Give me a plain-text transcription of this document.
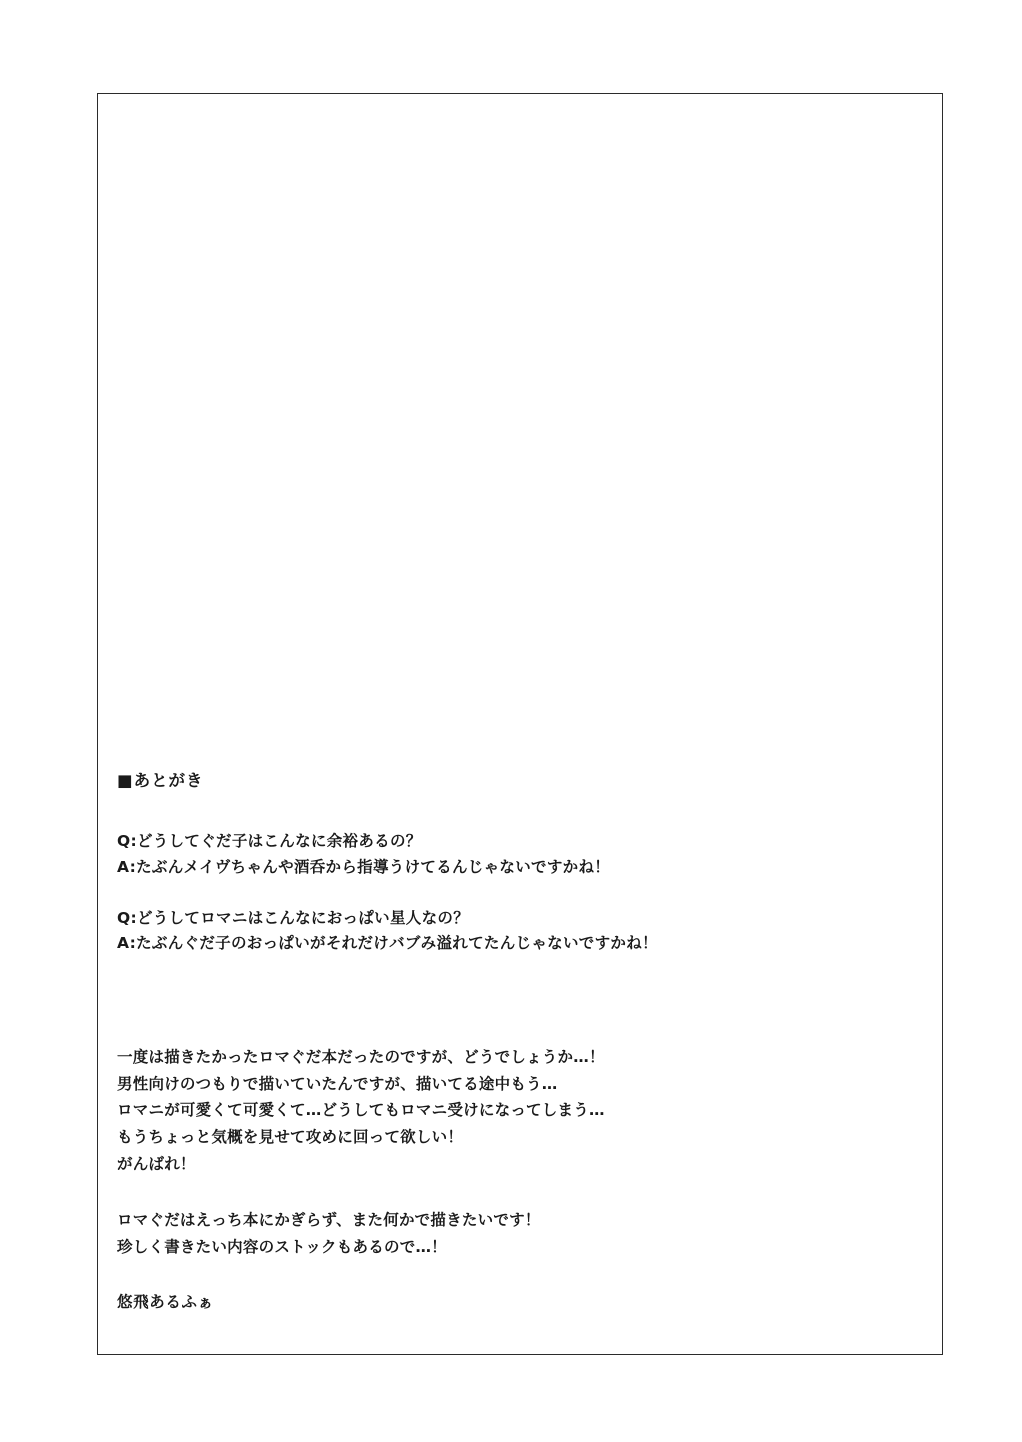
■あとがき
Q:どうしてぐだ子はこんなに余裕あるの？
A:たぶんメイヴちゃんや酒呑から指導うけてるんじゃないですかね！
Q:どうしてロマニはこんなにおっぱい星人なの？
A:たぶんぐだ子のおっぱいがそれだけバブみ溢れてたんじゃないですかね！
一度は描きたかったロマぐだ本だったのですが、どうでしょうか…！
男性向けのつもりで描いていたんですが、描いてる途中もう…
ロマニが可愛くて可愛くて…どうしてもロマニ受けになってしまう…
もうちょっと気概を見せて攻めに回って欲しい！
がんばれ！
ロマぐだはえっち本にかぎらず、また何かで描きたいです！
珍しく書きたい内容のストックもあるので…！
悠飛あるふぁ
